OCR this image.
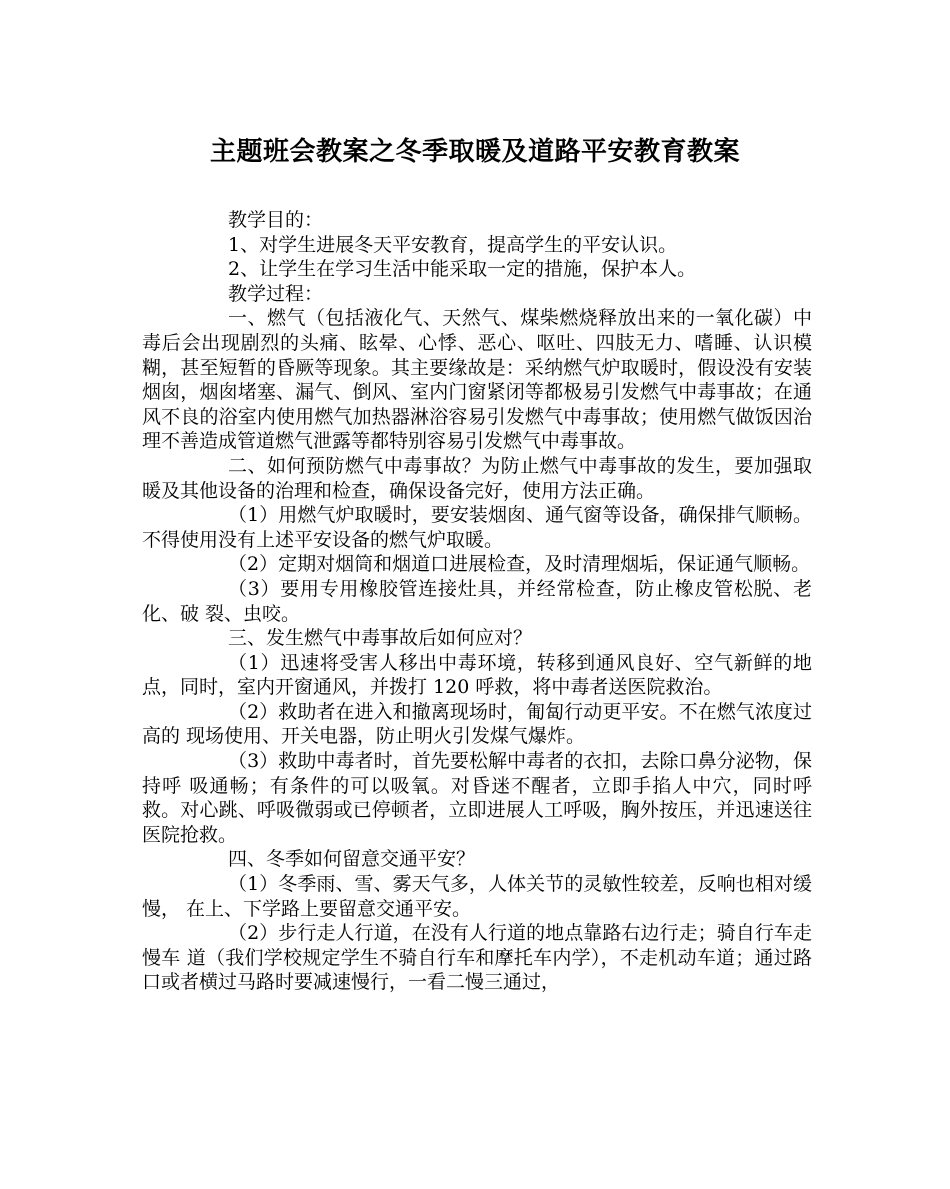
主题班会教案之冬季取暖及道路平安教育教案

教学目的：

1、对学生进展冬天平安教育，提高学生的平安认识。

2、让学生在学习生活中能采取一定的措施，保护本人。

教学过程：

一、燃气（包括液化气、天然气、煤柴燃烧释放出来的一氧化碳）中毒后会出现剧烈的头痛、眩晕、心悸、恶心、呕吐、四肢无力、嗜睡、认识模糊，甚至短暂的昏厥等现象。其主要缘故是：采纳燃气炉取暖时，假设没有安装烟囱，烟囱堵塞、漏气、倒风、室内门窗紧闭等都极易引发燃气中毒事故；在通风不良的浴室内使用燃气加热器淋浴容易引发燃气中毒事故；使用燃气做饭因治理不善造成管道燃气泄露等都特别容易引发燃气中毒事故。

二、如何预防燃气中毒事故？为防止燃气中毒事故的发生，要加强取暖及其他设备的治理和检查，确保设备完好，使用方法正确。

（1）用燃气炉取暖时，要安装烟囱、通气窗等设备，确保排气顺畅。不得使用没有上述平安设备的燃气炉取暖。

（2）定期对烟筒和烟道口进展检查，及时清理烟垢，保证通气顺畅。

（3）要用专用橡胶管连接灶具，并经常检查，防止橡皮管松脱、老化、破 裂、虫咬。

三、发生燃气中毒事故后如何应对？

（1）迅速将受害人移出中毒环境，转移到通风良好、空气新鲜的地点，同时，室内开窗通风，并拨打 120 呼救，将中毒者送医院救治。

（2）救助者在进入和撤离现场时，匍匐行动更平安。不在燃气浓度过高的 现场使用、开关电器，防止明火引发煤气爆炸。

（3）救助中毒者时，首先要松解中毒者的衣扣，去除口鼻分泌物，保持呼 吸通畅；有条件的可以吸氧。对昏迷不醒者，立即手掐人中穴，同时呼救。对心跳、呼吸微弱或已停顿者，立即进展人工呼吸，胸外按压，并迅速送往医院抢救。

四、冬季如何留意交通平安？

（1）冬季雨、雪、雾天气多，人体关节的灵敏性较差，反响也相对缓慢， 在上、下学路上要留意交通平安。

（2）步行走人行道，在没有人行道的地点靠路右边行走；骑自行车走慢车 道（我们学校规定学生不骑自行车和摩托车内学），不走机动车道；通过路口或者横过马路时要减速慢行，一看二慢三通过，
